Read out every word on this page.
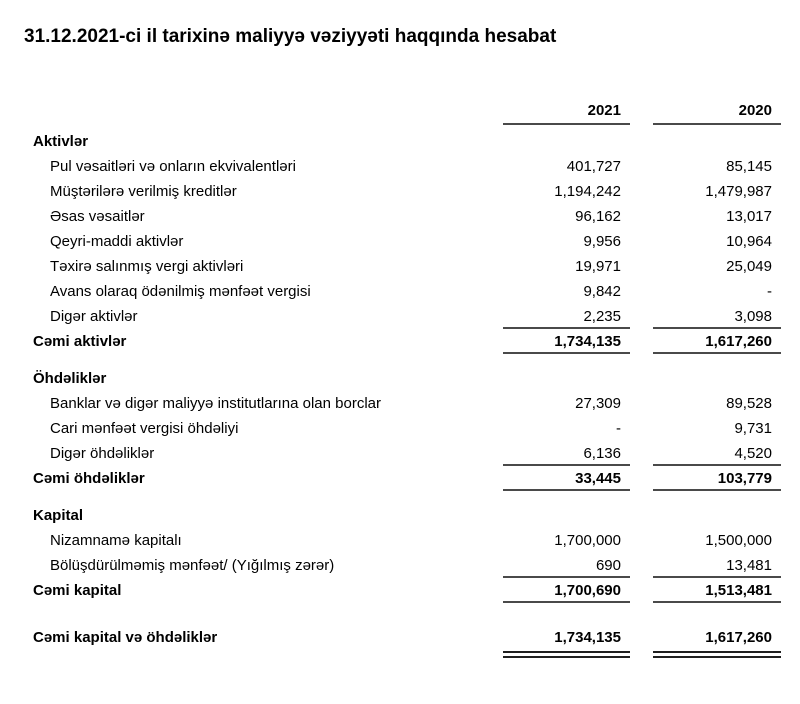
31.12.2021-ci il tarixinə maliyyə vəziyyəti haqqında hesabat
2021	2020
Aktivlər
Pul vəsaitləri və onların ekvivalentləri	401,727	85,145
Müştərilərə verilmiş kreditlər	1,194,242	1,479,987
Əsas vəsaitlər	96,162	13,017
Qeyri-maddi aktivlər	9,956	10,964
Təxirə salınmış vergi aktivləri	19,971	25,049
Avans olaraq ödənilmiş mənfəət vergisi	9,842	-
Digər aktivlər	2,235	3,098
Cəmi aktivlər	1,734,135	1,617,260
Öhdəliklər
Banklar və digər maliyyə institutlarına olan borclar	27,309	89,528
Cari mənfəət vergisi öhdəliyi	-	9,731
Digər öhdəliklər	6,136	4,520
Cəmi öhdəliklər	33,445	103,779
Kapital
Nizamnamə kapitalı	1,700,000	1,500,000
Bölüşdürülməmiş mənfəət/ (Yığılmış zərər)	690	13,481
Cəmi kapital	1,700,690	1,513,481
Cəmi kapital və öhdəliklər	1,734,135	1,617,260
